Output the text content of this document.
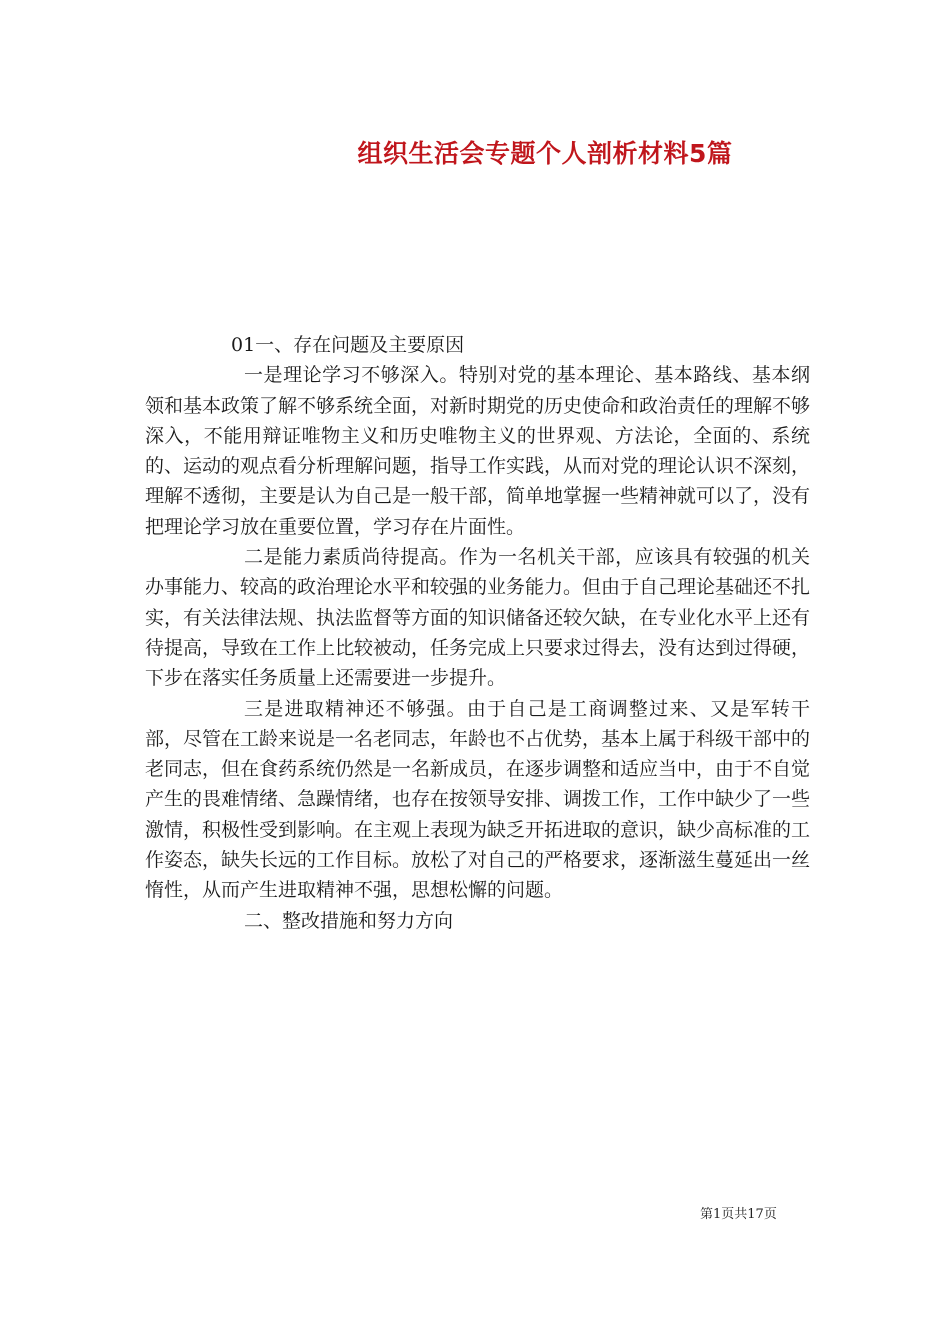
组织生活会专题个人剖析材料5篇

01一、存在问题及主要原因

一是理论学习不够深入。特别对党的基本理论、基本路线、基本纲领和基本政策了解不够系统全面，对新时期党的历史使命和政治责任的理解不够深入，不能用辩证唯物主义和历史唯物主义的世界观、方法论，全面的、系统的、运动的观点看分析理解问题，指导工作实践，从而对党的理论认识不深刻，理解不透彻，主要是认为自己是一般干部，简单地掌握一些精神就可以了，没有把理论学习放在重要位置，学习存在片面性。

二是能力素质尚待提高。作为一名机关干部，应该具有较强的机关办事能力、较高的政治理论水平和较强的业务能力。但由于自己理论基础还不扎实，有关法律法规、执法监督等方面的知识储备还较欠缺，在专业化水平上还有待提高，导致在工作上比较被动，任务完成上只要求过得去，没有达到过得硬，下步在落实任务质量上还需要进一步提升。

三是进取精神还不够强。由于自己是工商调整过来、又是军转干部，尽管在工龄来说是一名老同志，年龄也不占优势，基本上属于科级干部中的老同志，但在食药系统仍然是一名新成员，在逐步调整和适应当中，由于不自觉产生的畏难情绪、急躁情绪，也存在按领导安排、调拨工作，工作中缺少了一些激情，积极性受到影响。在主观上表现为缺乏开拓进取的意识，缺少高标准的工作姿态，缺失长远的工作目标。放松了对自己的严格要求，逐渐滋生蔓延出一丝惰性，从而产生进取精神不强，思想松懈的问题。

二、整改措施和努力方向

第1页共17页
